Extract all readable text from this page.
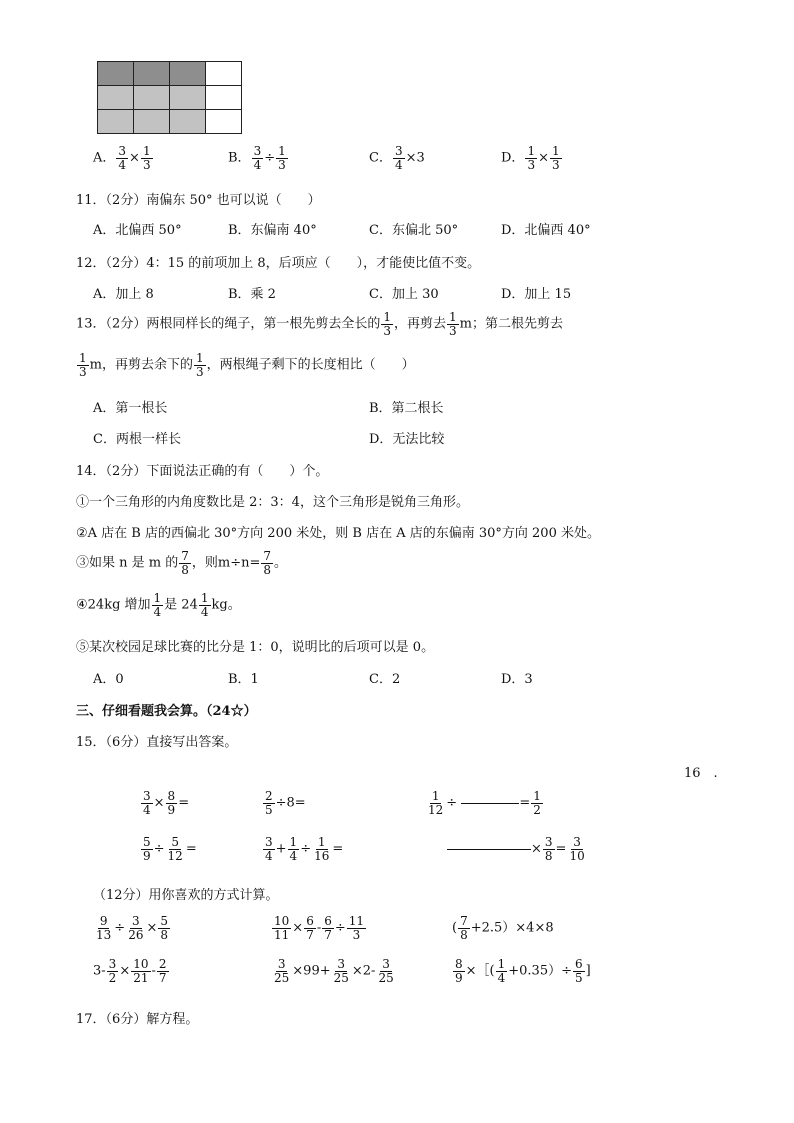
A． $\frac{3}{4} \times \frac{1}{3}$	B． $\frac{3}{4} \div \frac{1}{3}$	C． $\frac{3}{4} \times 3$	D． $\frac{1}{3} \times \frac{1}{3}$
11．（2分）南偏东 50° 也可以说（　　）
A．北偏西 50°	B．东偏南 40°	C．东偏北 50°	D．北偏西 40°
12．（2分）4：15 的前项加上 8，后项应（　　），才能使比值不变。
A．加上 8	B．乘 2	C．加上 30	D．加上 15
13．（2分）两根同样长的绳子，第一根先剪去全长的 $\frac{1}{3}$ ，再剪去 $\frac{1}{3}$ m；第二根先剪去
$\frac{1}{3}$ m，再剪去余下的 $\frac{1}{3}$ ，两根绳子剩下的长度相比（　　）
A．第一根长	B．第二根长
C．两根一样长	D．无法比较
14．（2分）下面说法正确的有（　　）个。
①一个三角形的内角度数比是 2：3：4，这个三角形是锐角三角形。
②A 店在 B 店的西偏北 30°方向 200 米处，则 B 店在 A 店的东偏南 30°方向 200 米处。
③如果 n 是 m 的 $\frac{7}{8}$ ，则$m\div n= \frac{7}{8}$ 。
④24kg 增加 $\frac{1}{4}$ 是 $24 \frac{1}{4}$ kg。
⑤某次校园足球比赛的比分是 1：0，说明比的后项可以是 0。
A．0	B．1	C．2	D．3
三、仔细看题我会算。（24☆）
15．（6分）直接写出答案。
16　.
$\frac{3}{4} \times \frac{8}{9}$ =	$\frac{2}{5} \div 8=$	$\frac{1}{12}$ ÷	= $\frac{1}{2}$
$\frac{5}{9} \div \frac{5}{12}$ =	$\frac{3}{4} + \frac{1}{4} \div \frac{1}{16}$ =	× $\frac{3}{8} = \frac{3}{10}$
（12分）用你喜欢的方式计算。
$\frac{9}{13} \div \frac{3}{26} \times \frac{5}{8}$	$\frac{10}{11} \times \frac{6}{7} - \frac{6}{7} \div \frac{11}{3}$	( $\frac{7}{8} +2.5)\times 4\times 8$
$3- \frac{3}{2} \times \frac{10}{21} - \frac{2}{7}$	$\frac{3}{25} \times 99+ \frac{3}{25} \times 2- \frac{3}{25}$	$\frac{8}{9}$ ×［( $\frac{1}{4} +0.35)\div \frac{6}{5}$ ]
17．（6分）解方程。
